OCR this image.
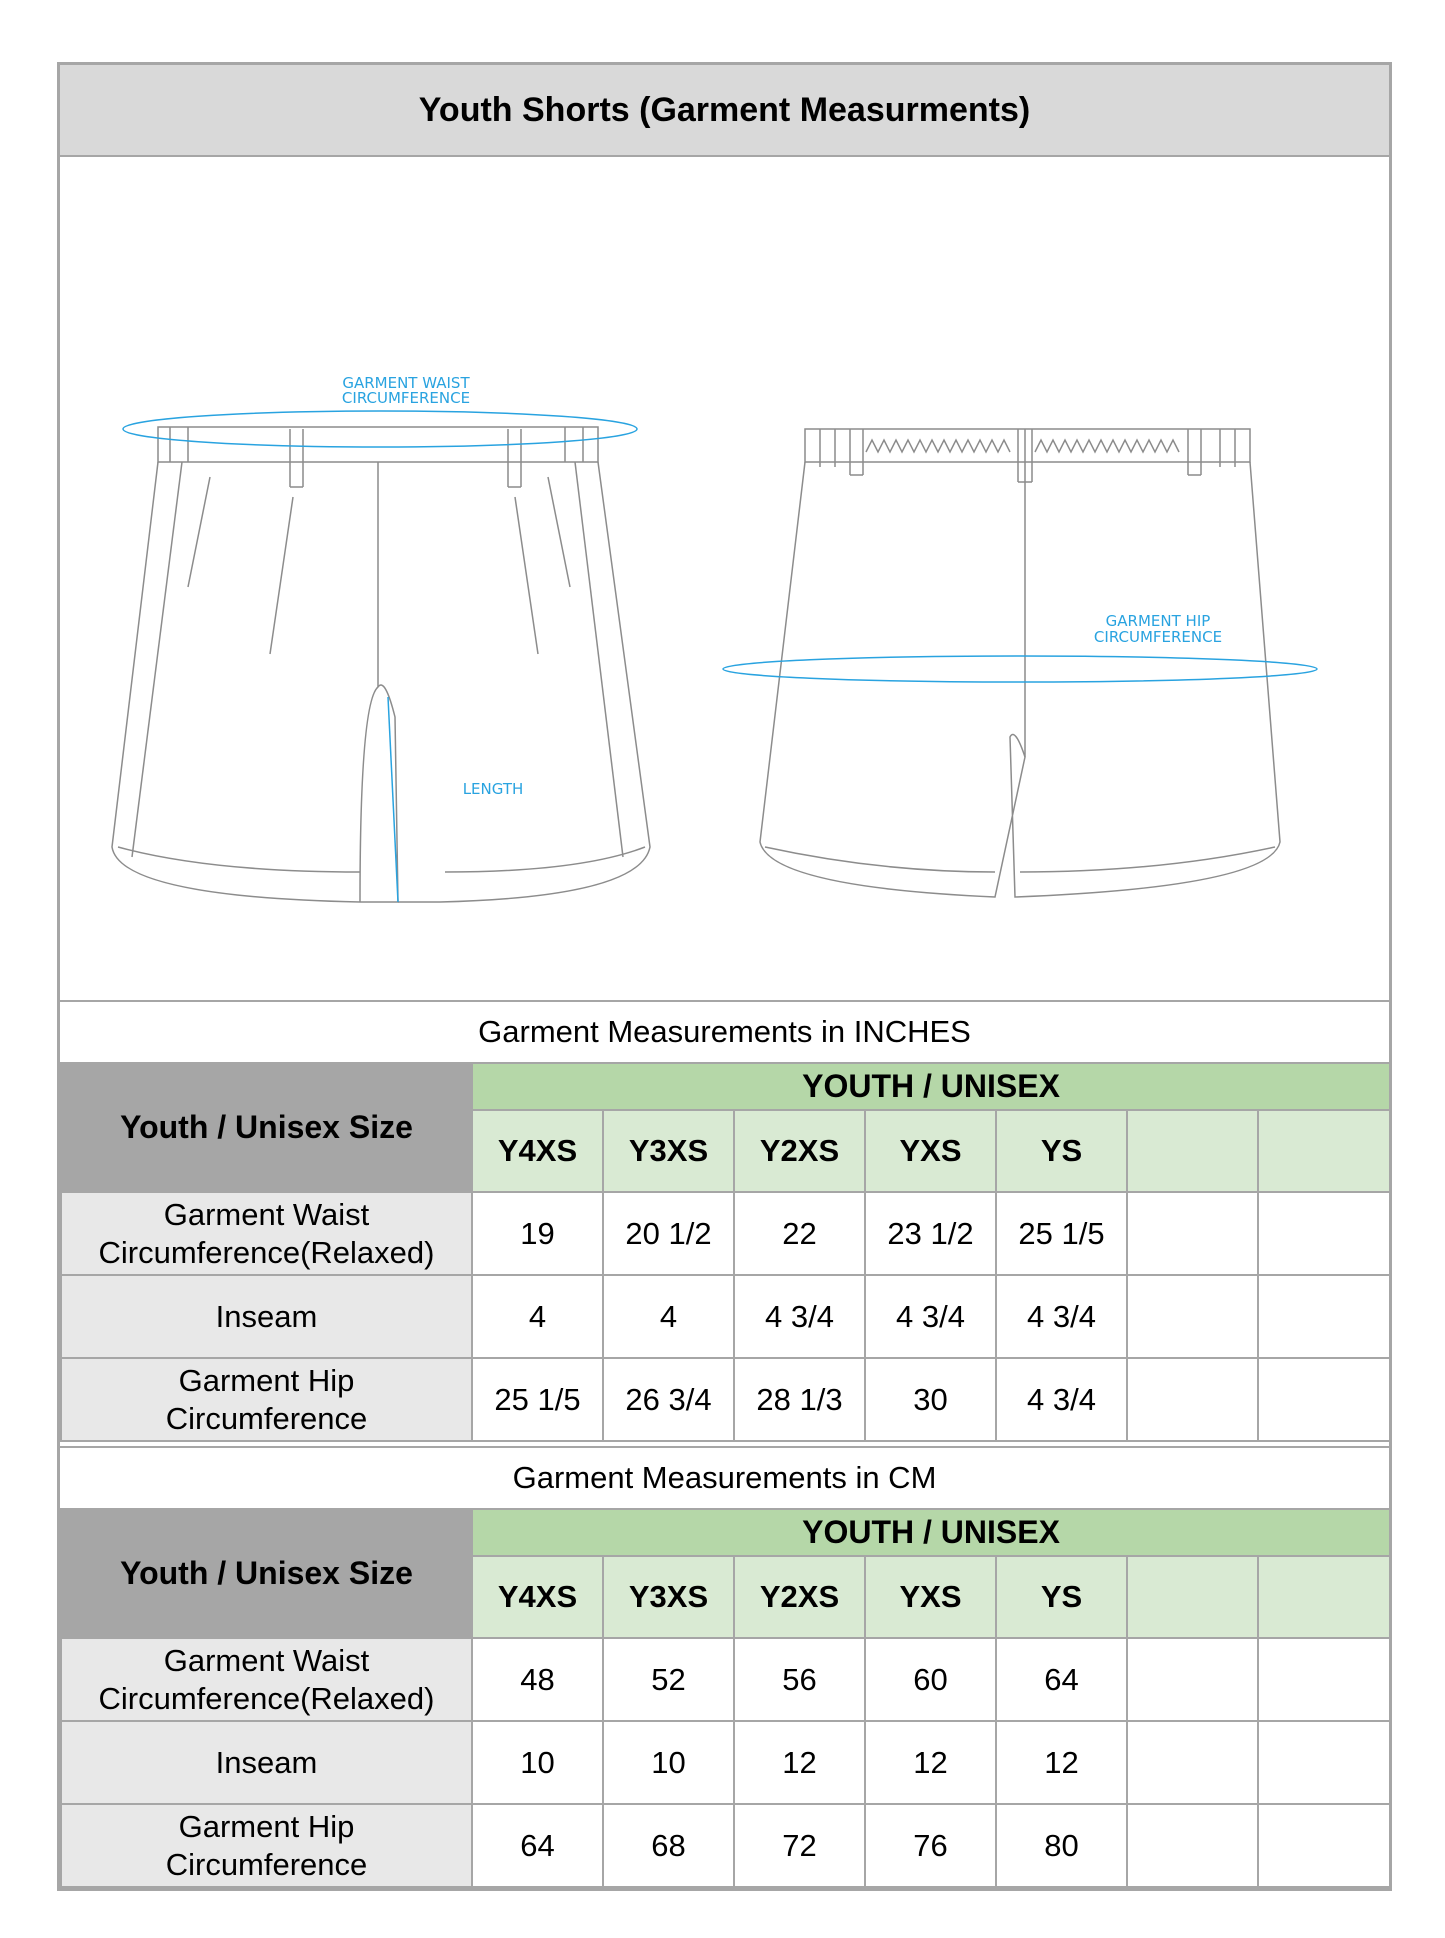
Youth Shorts (Garment Measurments)
GARMENT WAIST
CIRCUMFERENCE
GARMENT HIP
CIRCUMFERENCE
LENGTH
Garment Measurements in INCHES
Youth / Unisex Size	YOUTH / UNISEX						
	Y4XS	Y3XS	Y2XS	YXS	YS		

Garment Waist
Circumference(Relaxed)	19	20 1/2	22	23 1/2	25 1/5		

Inseam	4	4	4 3/4	4 3/4	4 3/4		

Garment Hip
Circumference	25 1/5	26 3/4	28 1/3	30	4 3/4		
Garment Measurements in CM
Youth / Unisex Size	YOUTH / UNISEX						
	Y4XS	Y3XS	Y2XS	YXS	YS		

Garment Waist
Circumference(Relaxed)	48	52	56	60	64		

Inseam	10	10	12	12	12		

Garment Hip
Circumference	64	68	72	76	80		
